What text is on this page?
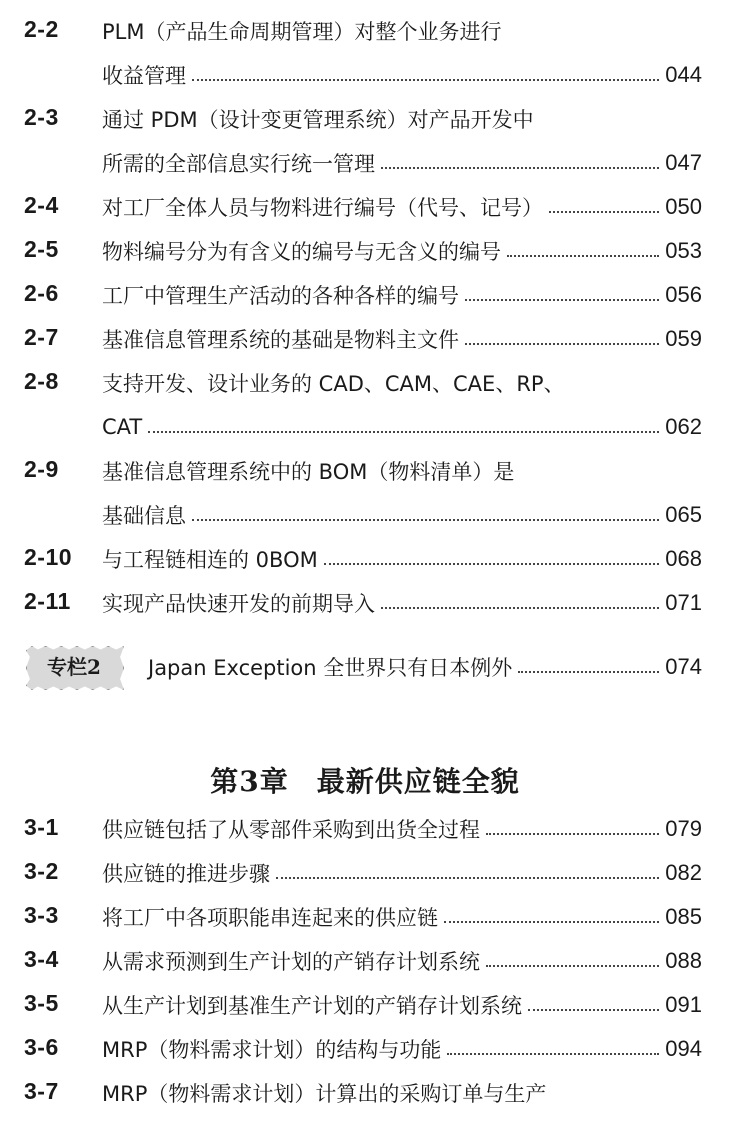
2-2 PLM（产品生命周期管理）对整个业务进行
收益管理	044
2-3 通过 PDM（设计变更管理系统）对产品开发中
所需的全部信息实行统一管理	047
2-4 对工厂全体人员与物料进行编号（代号、记号）	050
2-5 物料编号分为有含义的编号与无含义的编号	053
2-6 工厂中管理生产活动的各种各样的编号	056
2-7 基准信息管理系统的基础是物料主文件	059
2-8 支持开发、设计业务的 CAD、CAM、CAE、RP、
CAT	062
2-9 基准信息管理系统中的 BOM（物料清单）是
基础信息	065
2-10 与工程链相连的 0BOM	068
2-11 实现产品快速开发的前期导入	071
专栏2	Japan Exception 全世界只有日本例外	074
第3章 最新供应链全貌
3-1 供应链包括了从零部件采购到出货全过程	079
3-2 供应链的推进步骤	082
3-3 将工厂中各项职能串连起来的供应链	085
3-4 从需求预测到生产计划的产销存计划系统	088
3-5 从生产计划到基准生产计划的产销存计划系统	091
3-6 MRP（物料需求计划）的结构与功能	094
3-7 MRP（物料需求计划）计算出的采购订单与生产
